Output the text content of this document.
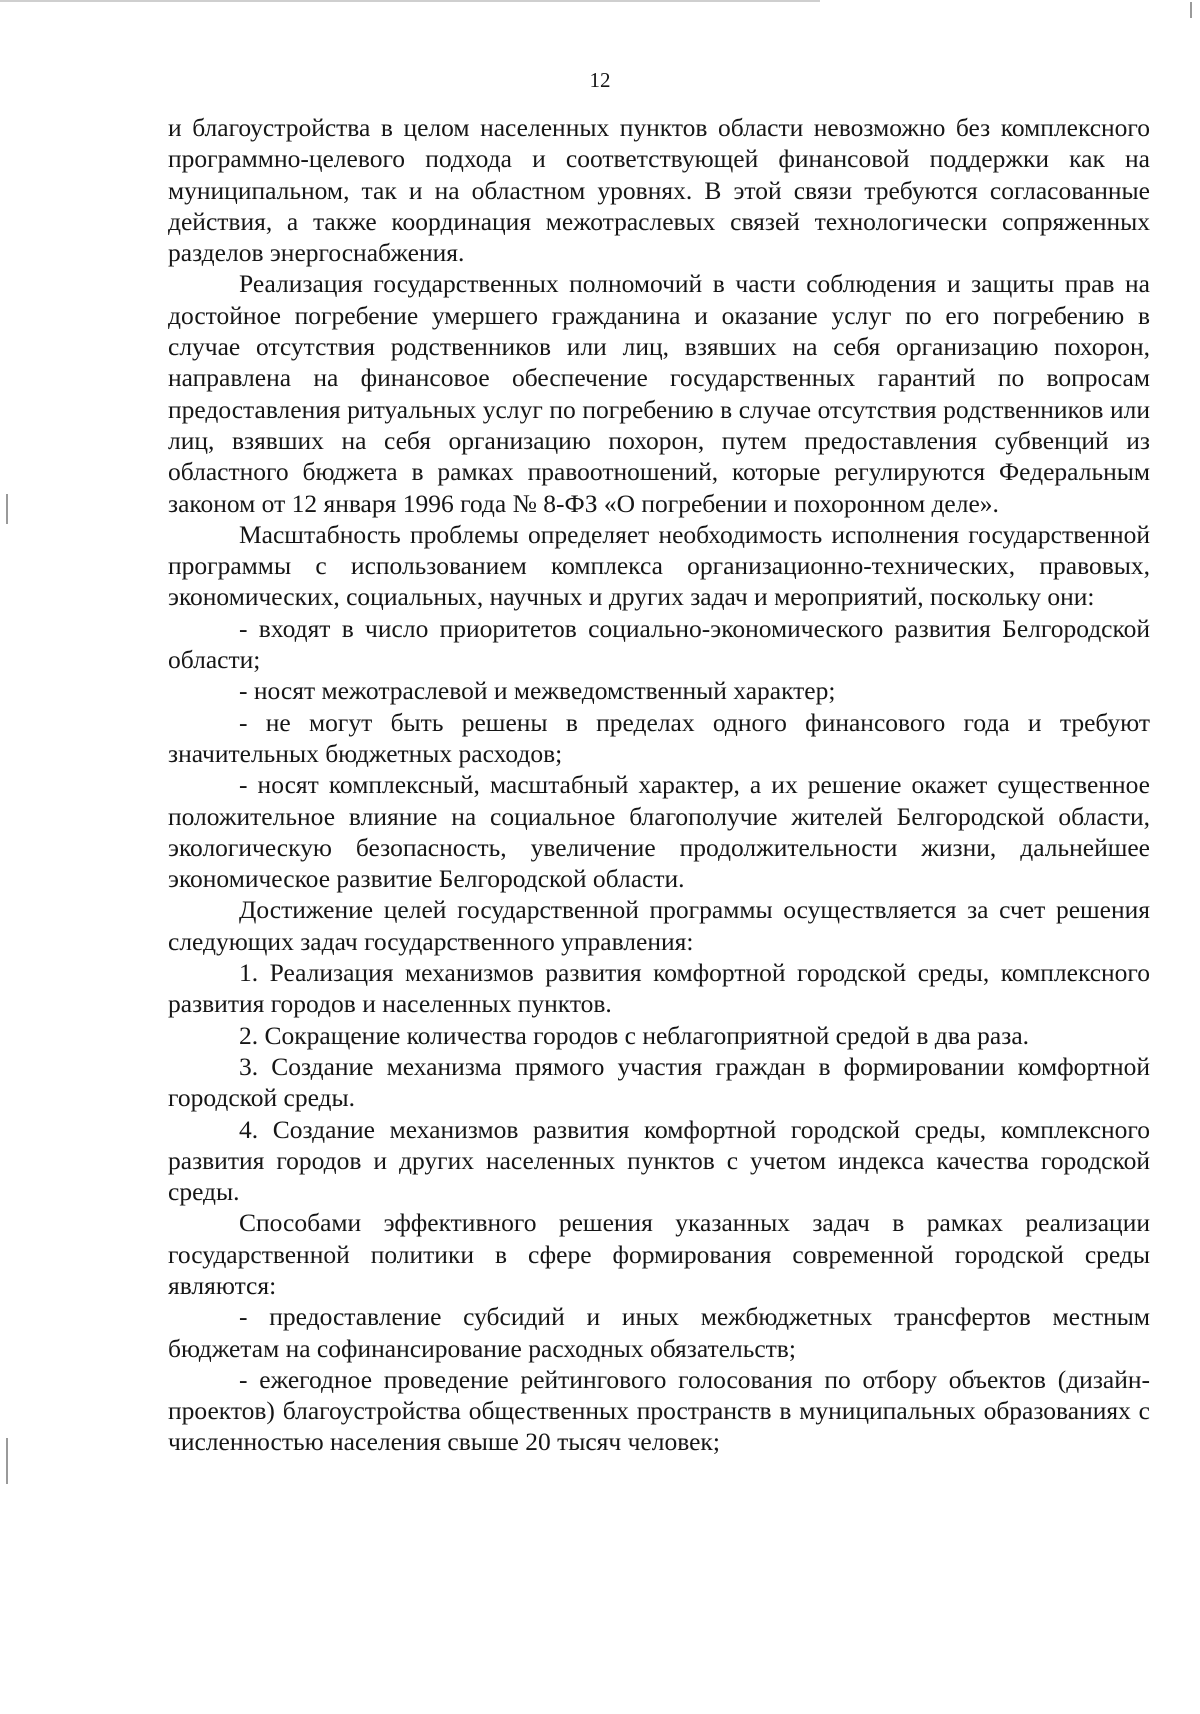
12

и благоустройства в целом населенных пунктов области невозможно без комплексного программно-целевого подхода и соответствующей финансовой поддержки как на муниципальном, так и на областном уровнях. В этой связи требуются согласованные действия, а также координация межотраслевых связей технологически сопряженных разделов энергоснабжения.

Реализация государственных полномочий в части соблюдения и защиты прав на достойное погребение умершего гражданина и оказание услуг по его погребению в случае отсутствия родственников или лиц, взявших на себя организацию похорон, направлена на финансовое обеспечение государственных гарантий по вопросам предоставления ритуальных услуг по погребению в случае отсутствия родственников или лиц, взявших на себя организацию похорон, путем предоставления субвенций из областного бюджета в рамках правоотношений, которые регулируются Федеральным законом от 12 января 1996 года № 8-ФЗ «О погребении и похоронном деле».

Масштабность проблемы определяет необходимость исполнения государственной программы с использованием комплекса организационно-технических, правовых, экономических, социальных, научных и других задач и мероприятий, поскольку они:

- входят в число приоритетов социально-экономического развития Белгородской области;

- носят межотраслевой и межведомственный характер;

- не могут быть решены в пределах одного финансового года и требуют значительных бюджетных расходов;

- носят комплексный, масштабный характер, а их решение окажет существенное положительное влияние на социальное благополучие жителей Белгородской области, экологическую безопасность, увеличение продолжительности жизни, дальнейшее экономическое развитие Белгородской области.

Достижение целей государственной программы осуществляется за счет решения следующих задач государственного управления:

1. Реализация механизмов развития комфортной городской среды, комплексного развития городов и населенных пунктов.

2. Сокращение количества городов с неблагоприятной средой в два раза.

3. Создание механизма прямого участия граждан в формировании комфортной городской среды.

4. Создание механизмов развития комфортной городской среды, комплексного развития городов и других населенных пунктов с учетом индекса качества городской среды.

Способами эффективного решения указанных задач в рамках реализации государственной политики в сфере формирования современной городской среды являются:

- предоставление субсидий и иных межбюджетных трансфертов местным бюджетам на софинансирование расходных обязательств;

- ежегодное проведение рейтингового голосования по отбору объектов (дизайн-проектов) благоустройства общественных пространств в муниципальных образованиях с численностью населения свыше 20 тысяч человек;
